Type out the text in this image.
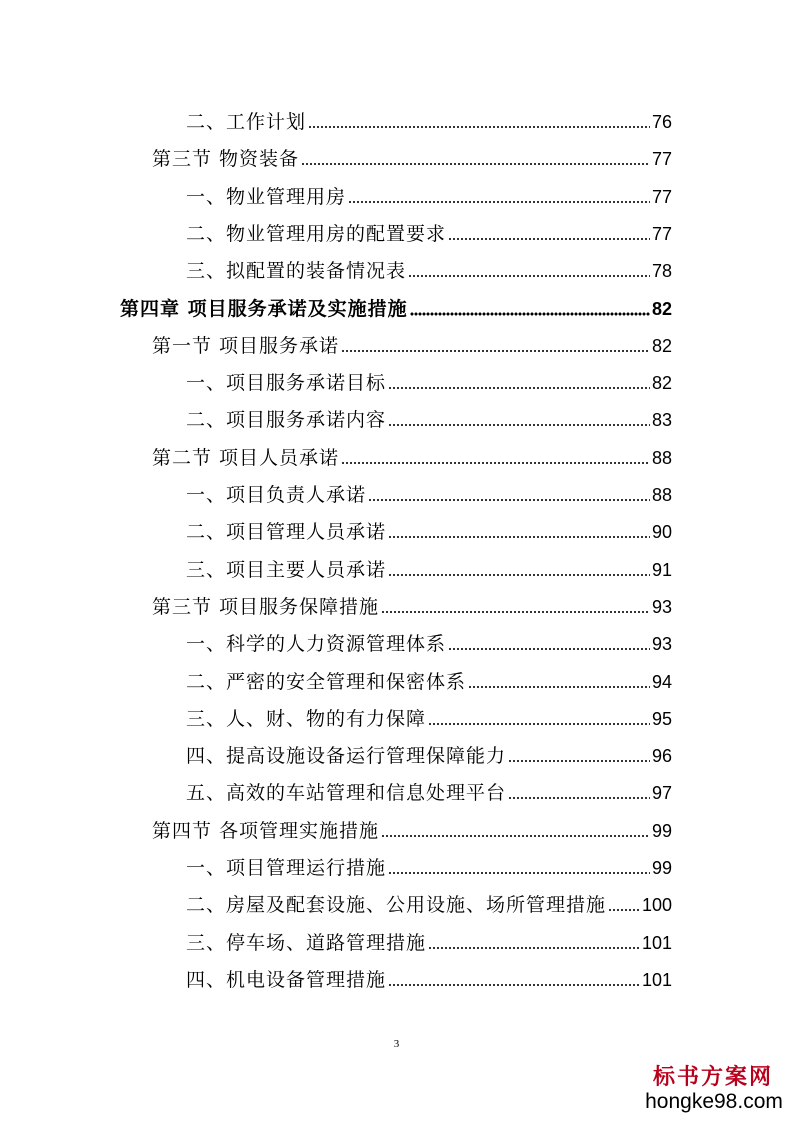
二、工作计划	76
第三节 物资装备	77
一、物业管理用房	77
二、物业管理用房的配置要求	77
三、拟配置的装备情况表	78
第四章 项目服务承诺及实施措施	82
第一节 项目服务承诺	82
一、项目服务承诺目标	82
二、项目服务承诺内容	83
第二节 项目人员承诺	88
一、项目负责人承诺	88
二、项目管理人员承诺	90
三、项目主要人员承诺	91
第三节 项目服务保障措施	93
一、科学的人力资源管理体系	93
二、严密的安全管理和保密体系	94
三、人、财、物的有力保障	95
四、提高设施设备运行管理保障能力	96
五、高效的车站管理和信息处理平台	97
第四节 各项管理实施措施	99
一、项目管理运行措施	99
二、房屋及配套设施、公用设施、场所管理措施 100
三、停车场、道路管理措施	101
四、机电设备管理措施	101
3
标书方案网
hongke98.com
